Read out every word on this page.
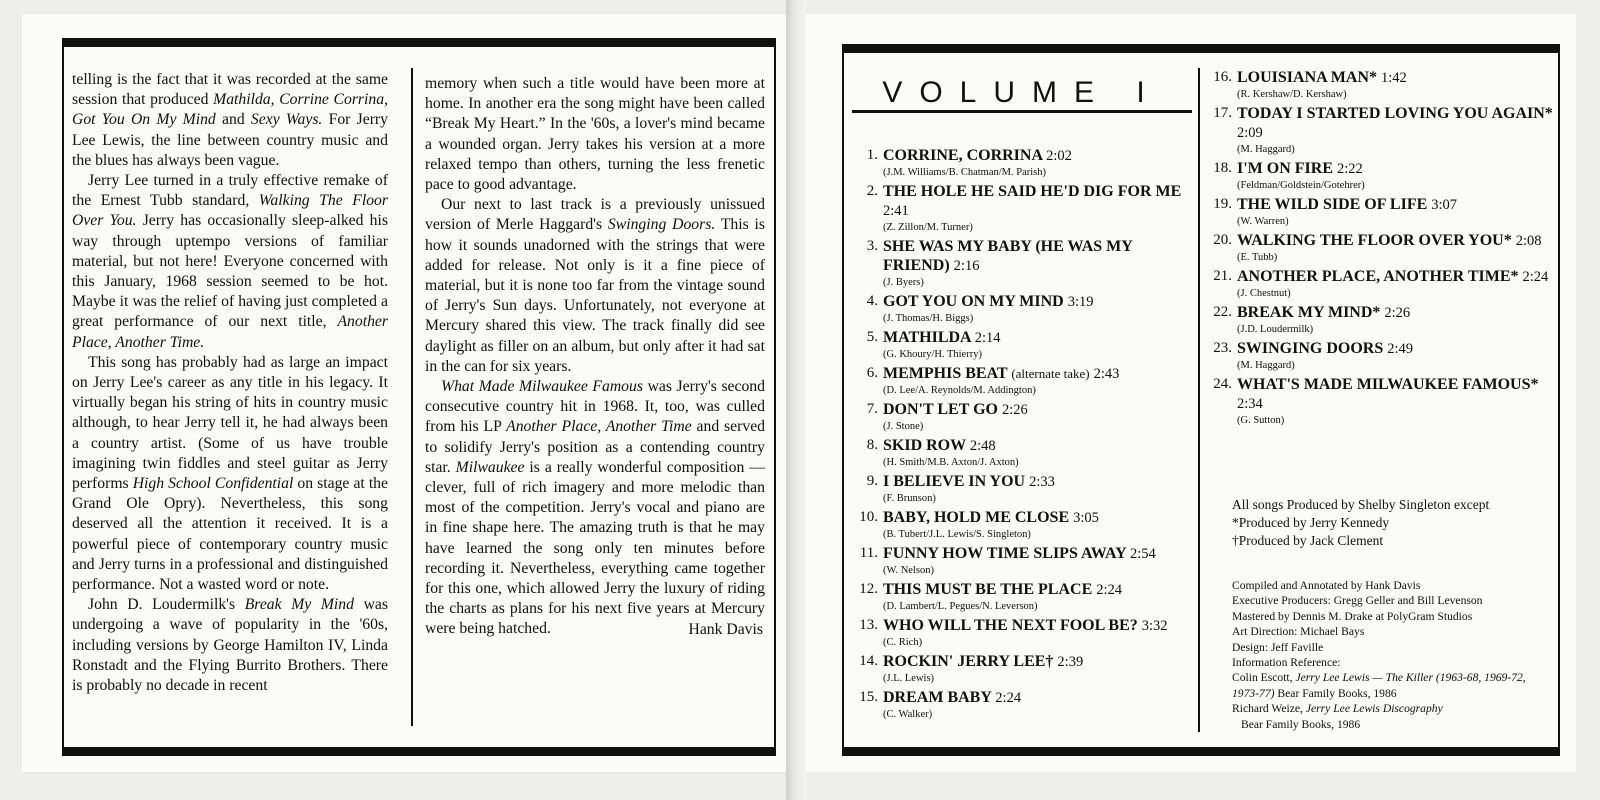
telling is the fact that it was recorded at the same session that produced Mathilda, Corrine Corrina, Got You On My Mind and Sexy Ways. For Jerry Lee Lewis, the line between country music and the blues has always been vague.

Jerry Lee turned in a truly effective remake of the Ernest Tubb standard, Walking The Floor Over You. Jerry has occasionally sleep-alked his way through uptempo versions of familiar material, but not here! Everyone concerned with this January, 1968 session seemed to be hot. Maybe it was the relief of having just completed a great performance of our next title, Another Place, Another Time.

This song has probably had as large an impact on Jerry Lee's career as any title in his legacy. It virtually began his string of hits in country music although, to hear Jerry tell it, he had always been a country artist. (Some of us have trouble imagining twin fiddles and steel guitar as Jerry performs High School Confidential on stage at the Grand Ole Opry). Nevertheless, this song deserved all the attention it received. It is a powerful piece of contemporary country music and Jerry turns in a professional and distinguished performance. Not a wasted word or note.

John D. Loudermilk's Break My Mind was undergoing a wave of popularity in the '60s, including versions by George Hamilton IV, Linda Ronstadt and the Flying Burrito Brothers. There is probably no decade in recent

memory when such a title would have been more at home. In another era the song might have been called “Break My Heart.” In the '60s, a lover's mind became a wounded organ. Jerry takes his version at a more relaxed tempo than others, turning the less frenetic pace to good advantage.

Our next to last track is a previously unissued version of Merle Haggard's Swinging Doors. This is how it sounds unadorned with the strings that were added for release. Not only is it a fine piece of material, but it is none too far from the vintage sound of Jerry's Sun days. Unfortunately, not everyone at Mercury shared this view. The track finally did see daylight as filler on an album, but only after it had sat in the can for six years.

What Made Milwaukee Famous was Jerry's second consecutive country hit in 1968. It, too, was culled from his LP Another Place, Another Time and served to solidify Jerry's position as a contending country star. Milwaukee is a really wonderful composition — clever, full of rich imagery and more melodic than most of the competition. Jerry's vocal and piano are in fine shape here. The amazing truth is that he may have learned the song only ten minutes before recording it. Nevertheless, everything came together for this one, which allowed Jerry the luxury of riding the charts as plans for his next five years at Mercury were being hatched.	Hank Davis

VOLUME I
1. CORRINE, CORRINA 2:02
(J.M. Williams/B. Chatman/M. Parish)
2. THE HOLE HE SAID HE'D DIG FOR ME 2:41
(Z. Zillon/M. Turner)
3. SHE WAS MY BABY (HE WAS MY FRIEND) 2:16
(J. Byers)
4. GOT YOU ON MY MIND 3:19
(J. Thomas/H. Biggs)
5. MATHILDA 2:14
(G. Khoury/H. Thierry)
6. MEMPHIS BEAT (alternate take) 2:43
(D. Lee/A. Reynolds/M. Addington)
7. DON'T LET GO 2:26
(J. Stone)
8. SKID ROW 2:48
(H. Smith/M.B. Axton/J. Axton)
9. I BELIEVE IN YOU 2:33
(F. Brunson)
10. BABY, HOLD ME CLOSE 3:05
(B. Tubert/J.L. Lewis/S. Singleton)
11. FUNNY HOW TIME SLIPS AWAY 2:54
(W. Nelson)
12. THIS MUST BE THE PLACE 2:24
(D. Lambert/L. Pegues/N. Leverson)
13. WHO WILL THE NEXT FOOL BE? 3:32
(C. Rich)
14. ROCKIN' JERRY LEE† 2:39
(J.L. Lewis)
15. DREAM BABY 2:24
(C. Walker)
16. LOUISIANA MAN* 1:42
(R. Kershaw/D. Kershaw)
17. TODAY I STARTED LOVING YOU AGAIN* 2:09
(M. Haggard)
18. I'M ON FIRE 2:22
(Feldman/Goldstein/Gotehrer)
19. THE WILD SIDE OF LIFE 3:07
(W. Warren)
20. WALKING THE FLOOR OVER YOU* 2:08
(E. Tubb)
21. ANOTHER PLACE, ANOTHER TIME* 2:24
(J. Chestnut)
22. BREAK MY MIND* 2:26
(J.D. Loudermilk)
23. SWINGING DOORS 2:49
(M. Haggard)
24. WHAT'S MADE MILWAUKEE FAMOUS* 2:34
(G. Sutton)
All songs Produced by Shelby Singleton except
*Produced by Jerry Kennedy
†Produced by Jack Clement
Compiled and Annotated by Hank Davis
Executive Producers: Gregg Geller and Bill Levenson
Mastered by Dennis M. Drake at PolyGram Studios
Art Direction: Michael Bays
Design: Jeff Faville
Information Reference:
Colin Escott, Jerry Lee Lewis — The Killer (1963-68, 1969-72, 1973-77) Bear Family Books, 1986
Richard Weize, Jerry Lee Lewis Discography
Bear Family Books, 1986
